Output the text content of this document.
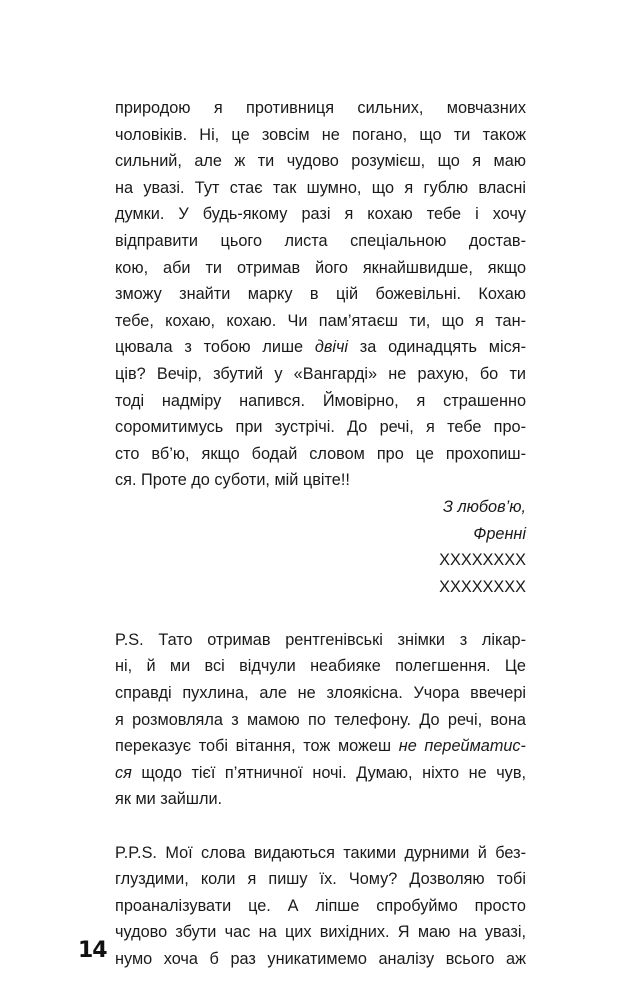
природою я противниця сильних, мовчазних
чоловіків. Ні, це зовсім не погано, що ти також
сильний, але ж ти чудово розумієш, що я маю
на увазі. Тут стає так шумно, що я гублю власні
думки. У будь-якому разі я кохаю тебе і хочу
відправити цього листа спеціальною достав-
кою, аби ти отримав його якнайшвидше, якщо
зможу знайти марку в цій божевільні. Кохаю
тебе, кохаю, кохаю. Чи пам’ятаєш ти, що я тан-
цювала з тобою лише двічі за одинадцять міся-
ців? Вечір, збутий у «Вангарді» не рахую, бо ти
тоді надміру напився. Ймовірно, я страшенно
соромитимусь при зустрічі. До речі, я тебе про-
сто вб’ю, якщо бодай словом про це прохопиш-
ся. Проте до суботи, мій цвіте!!
З любов’ю,
Френні
ХХХХХХХХ
ХХХХХХХХ
P.S. Тато отримав рентгенівські знімки з лікар-
ні, й ми всі відчули неабияке полегшення. Це
справді пухлина, але не злоякісна. Учора ввечері
я розмовляла з мамою по телефону. До речі, вона
переказує тобі вітання, тож можеш не перейматис-
ся щодо тієї п’ятничної ночі. Думаю, ніхто не чув,
як ми зайшли.
P.P.S. Мої слова видаються такими дурними й без-
глуздими, коли я пишу їх. Чому? Дозволяю тобі
проаналізувати це. А ліпше спробуймо просто
чудово збути час на цих вихідних. Я маю на увазі,
нумо хоча б раз уникатимемо аналізу всього аж
14
